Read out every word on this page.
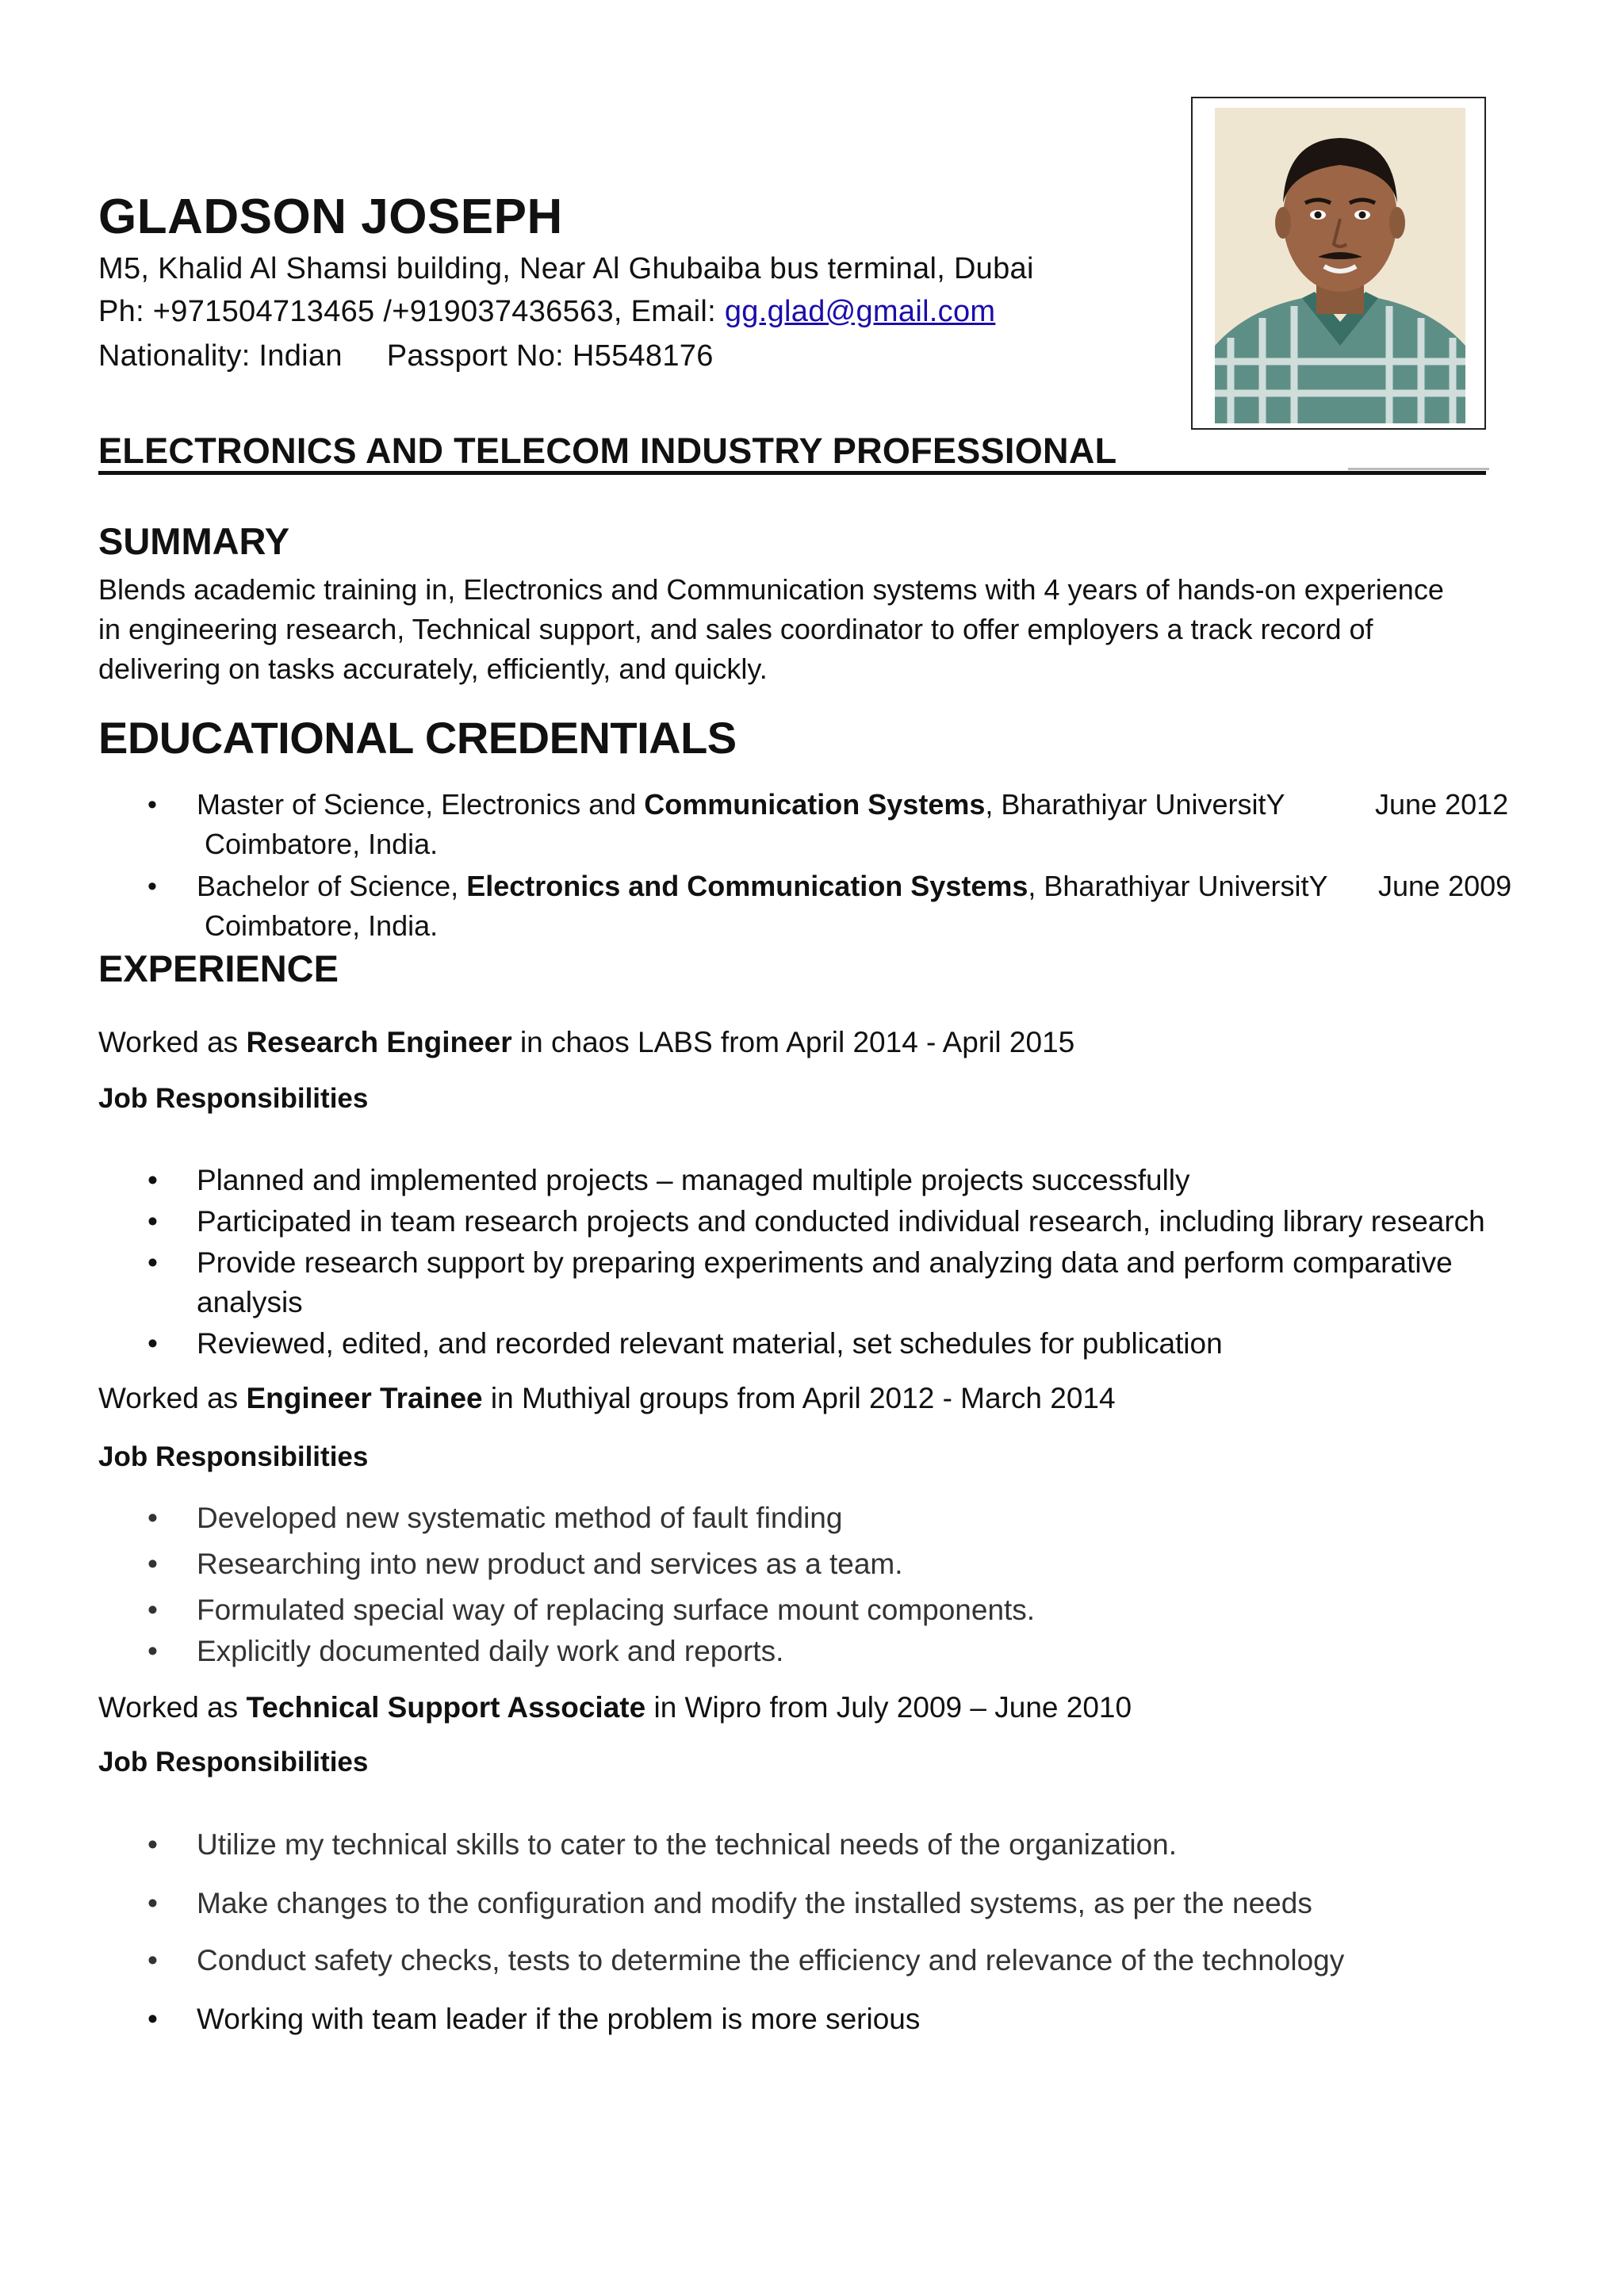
GLADSON JOSEPH
M5, Khalid Al Shamsi building, Near Al Ghubaiba bus terminal, Dubai
Ph: +971504713465 /+919037436563, Email: gg.glad@gmail.com
Nationality: Indian Passport No: H5548176
ELECTRONICS AND TELECOM INDUSTRY PROFESSIONAL
SUMMARY
Blends academic training in, Electronics and Communication systems with 4 years of hands-on experience
in engineering research, Technical support, and sales coordinator to offer employers a track record of
delivering on tasks accurately, efficiently, and quickly.
EDUCATIONAL CREDENTIALS
• Master of Science, Electronics and Communication Systems, Bharathiyar UniversitY	June 2012
Coimbatore, India.
• Bachelor of Science, Electronics and Communication Systems, Bharathiyar UniversitY June 2009
Coimbatore, India.
EXPERIENCE
Worked as Research Engineer in chaos LABS from April 2014 - April 2015
Job Responsibilities
• Planned and implemented projects – managed multiple projects successfully
• Participated in team research projects and conducted individual research, including library research
• Provide research support by preparing experiments and analyzing data and perform comparative
analysis
• Reviewed, edited, and recorded relevant material, set schedules for publication
Worked as Engineer Trainee in Muthiyal groups from April 2012 - March 2014
Job Responsibilities
• Developed new systematic method of fault finding
• Researching into new product and services as a team.
• Formulated special way of replacing surface mount components.
• Explicitly documented daily work and reports.
Worked as Technical Support Associate in Wipro from July 2009 – June 2010
Job Responsibilities
• Utilize my technical skills to cater to the technical needs of the organization.
• Make changes to the configuration and modify the installed systems, as per the needs
• Conduct safety checks, tests to determine the efficiency and relevance of the technology
• Working with team leader if the problem is more serious
